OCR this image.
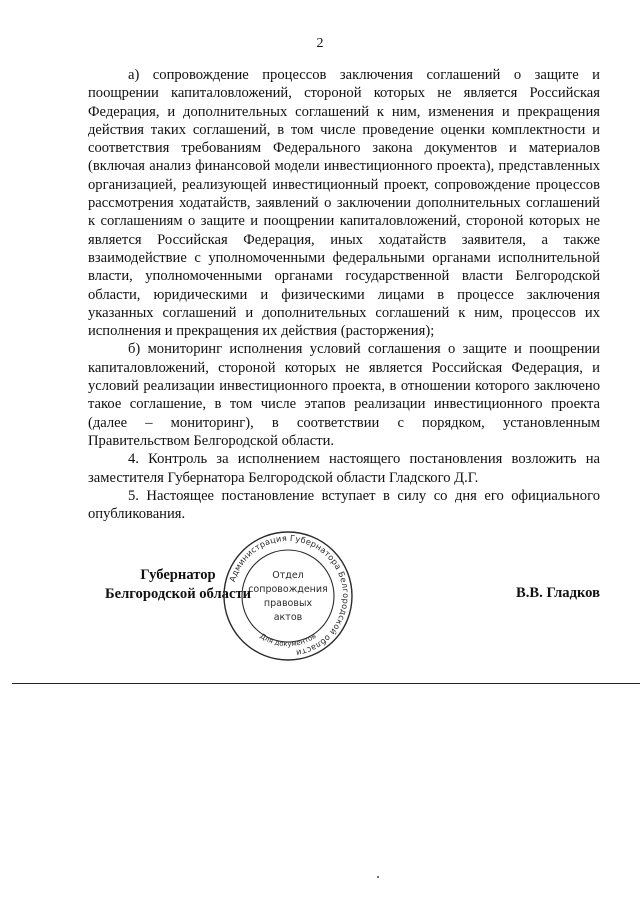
2

а) сопровождение процессов заключения соглашений о защите и поощрении капиталовложений, стороной которых не является Российская Федерация, и дополнительных соглашений к ним, изменения и прекращения действия таких соглашений, в том числе проведение оценки комплектности и соответствия требованиям Федерального закона документов и материалов (включая анализ финансовой модели инвестиционного проекта), представленных организацией, реализующей инвестиционный проект, сопровождение процессов рассмотрения ходатайств, заявлений о заключении дополнительных соглашений к соглашениям о защите и поощрении капиталовложений, стороной которых не является Российская Федерация, иных ходатайств заявителя, а также взаимодействие с уполномоченными федеральными органами исполнительной власти, уполномоченными органами государственной власти Белгородской области, юридическими и физическими лицами в процессе заключения указанных соглашений и дополнительных соглашений к ним, процессов их исполнения и прекращения их действия (расторжения);

б) мониторинг исполнения условий соглашения о защите и поощрении капиталовложений, стороной которых не является Российская Федерация, и условий реализации инвестиционного проекта, в отношении которого заключено такое соглашение, в том числе этапов реализации инвестиционного проекта (далее – мониторинг), в соответствии с порядком, установленным Правительством Белгородской области.

4. Контроль за исполнением настоящего постановления возложить на заместителя Губернатора Белгородской области Гладского Д.Г.

5. Настоящее постановление вступает в силу со дня его официального опубликования.

Губернатор
Белгородской области	В.В. Гладков
Администрация Губернатора Белгородской области
Для документов
Отдел
сопровождения
правовых
актов
